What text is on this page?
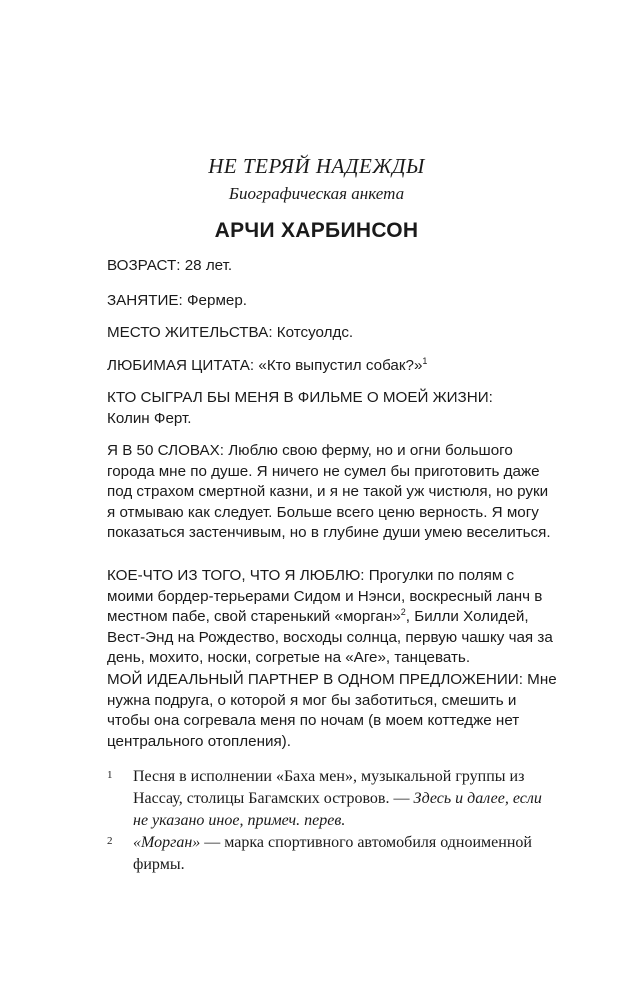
НЕ ТЕРЯЙ НАДЕЖДЫ
Биографическая анкета
АРЧИ ХАРБИНСОН
ВОЗРАСТ: 28 лет.
ЗАНЯТИЕ: Фермер.
МЕСТО ЖИТЕЛЬСТВА: Котсуолдс.
ЛЮБИМАЯ ЦИТАТА: «Кто выпустил собак?»$^1$
КТО СЫГРАЛ БЫ МЕНЯ В ФИЛЬМЕ О МОЕЙ ЖИЗНИ:
Колин Ферт.
Я В 50 СЛОВАХ: Люблю свою ферму, но и огни большого города мне по душе. Я ничего не сумел бы приготовить даже под страхом смертной казни, и я не такой уж чистюля, но руки я отмываю как следует. Больше всего ценю верность. Я могу показаться застенчивым, но в глубине души умею веселиться.
КОЕ-ЧТО ИЗ ТОГО, ЧТО Я ЛЮБЛЮ: Прогулки по полям с моими бордер-терьерами Сидом и Нэнси, воскресный ланч в местном пабе, свой старенький «морган»$^2$, Билли Холидей, Вест-Энд на Рождество, восходы солнца, первую чашку чая за день, мохито, носки, согретые на «Аге», танцевать.
МОЙ ИДЕАЛЬНЫЙ ПАРТНЕР В ОДНОМ ПРЕДЛОЖЕНИИ: Мне нужна подруга, о которой я мог бы заботиться, смешить и чтобы она согревала меня по ночам (в моем коттедже нет центрального отопления).
1 Песня в исполнении «Баха мен», музыкальной группы из Нассау, столицы Багамских островов. — Здесь и далее, если не указано иное, примеч. перев.
2 «Морган» — марка спортивного автомобиля одноименной фирмы.
